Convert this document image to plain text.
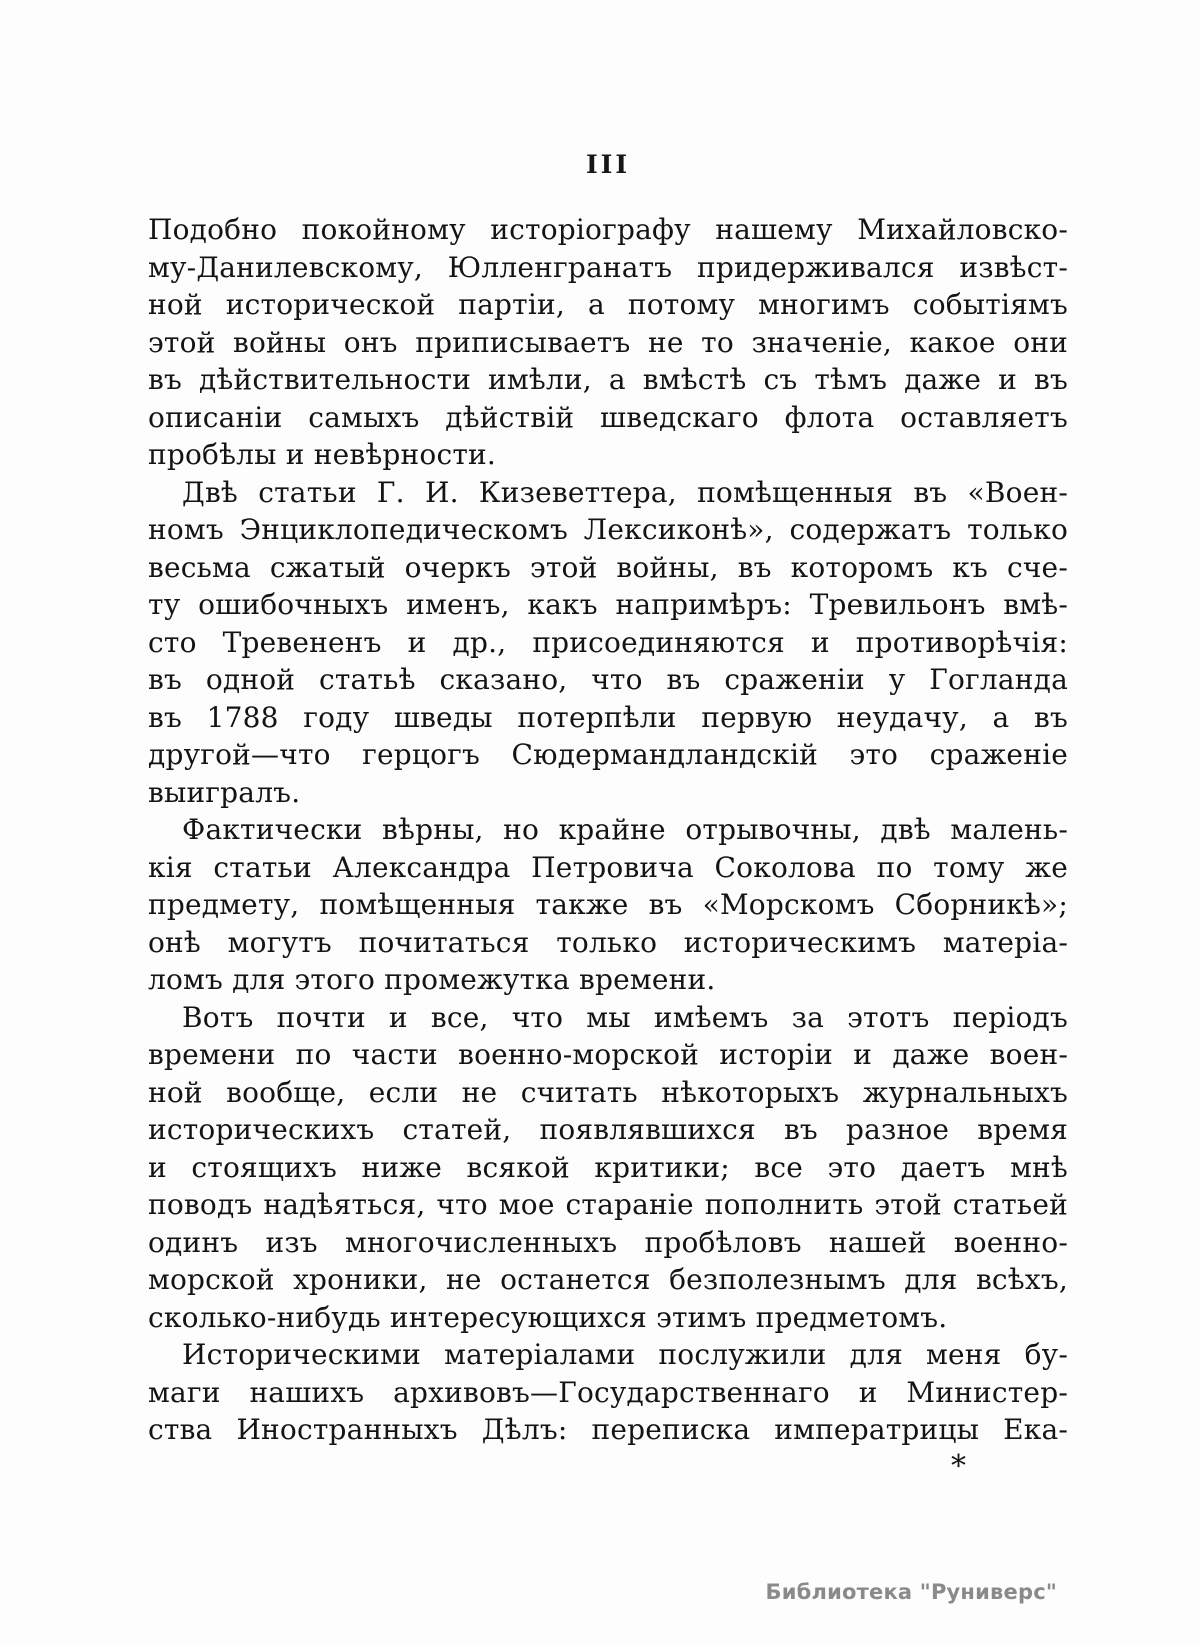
III
Подобно покойному исторіографу нашему Михайловско-
му-Данилевскому, Юлленгранатъ придерживался извѣст-
ной исторической партіи, а потому многимъ событіямъ
этой войны онъ приписываетъ не то значеніе, какое они
въ дѣйствительности имѣли, а вмѣстѣ съ тѣмъ даже и въ
описаніи самыхъ дѣйствій шведскаго флота оставляетъ
пробѣлы и невѣрности.
Двѣ статьи Г. И. Кизеветтера, помѣщенныя въ «Воен-
номъ Энциклопедическомъ Лексиконѣ», содержатъ только
весьма сжатый очеркъ этой войны, въ которомъ къ сче-
ту ошибочныхъ именъ, какъ напримѣръ: Тревильонъ вмѣ-
сто Тревененъ и др., присоединяются и противорѣчія:
въ одной статьѣ сказано, что въ сраженіи у Гогланда
въ 1788 году шведы потерпѣли первую неудачу, а въ
другой—что герцогъ Сюдермандландскій это сраженіе
выигралъ.
Фактически вѣрны, но крайне отрывочны, двѣ малень-
кія статьи Александра Петровича Соколова по тому же
предмету, помѣщенныя также въ «Морскомъ Сборникѣ»;
онѣ могутъ почитаться только историческимъ матеріа-
ломъ для этого промежутка времени.
Вотъ почти и все, что мы имѣемъ за этотъ періодъ
времени по части военно-морской исторіи и даже воен-
ной вообще, если не считать нѣкоторыхъ журнальныхъ
историческихъ статей, появлявшихся въ разное время
и стоящихъ ниже всякой критики; все это даетъ мнѣ
поводъ надѣяться, что мое стараніе пополнить этой статьей
одинъ изъ многочисленныхъ пробѣловъ нашей военно-
морской хроники, не останется безполезнымъ для всѣхъ,
сколько-нибудь интересующихся этимъ предметомъ.
Историческими матеріалами послужили для меня бу-
маги нашихъ архивовъ—Государственнаго и Министер-
ства Иностранныхъ Дѣлъ: переписка императрицы Ека-
*
Библиотека "Руниверс"
